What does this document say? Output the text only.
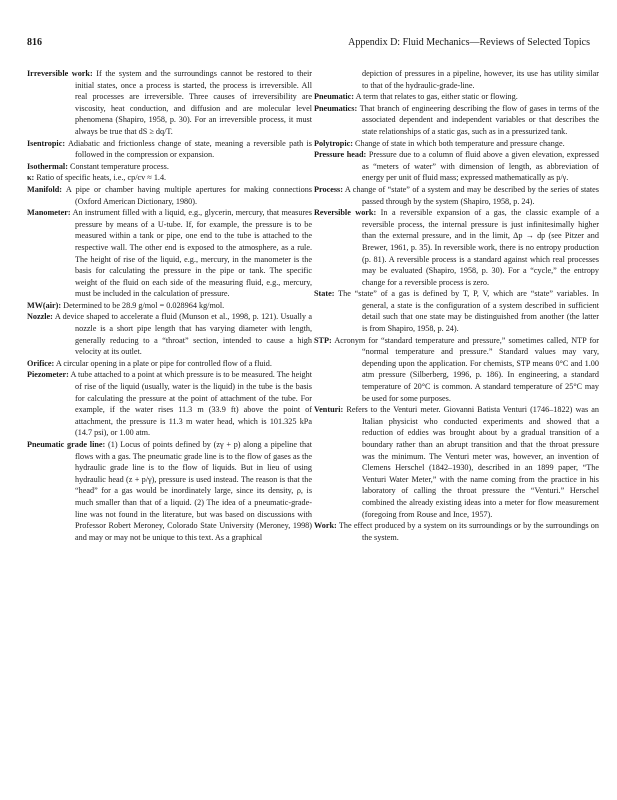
816	Appendix D: Fluid Mechanics—Reviews of Selected Topics

Irreversible work: If the system and the surroundings cannot be restored to their initial states, once a process is started, the process is irreversible. All real processes are irreversible. Three causes of irreversibility are viscosity, heat conduction, and diffusion and are molecular level phenomena (Shapiro, 1958, p. 30). For an irreversible process, it must always be true that dS ≥ dq/T.

Isentropic: Adiabatic and frictionless change of state, meaning a reversible path is followed in the compression or expansion.

Isothermal: Constant temperature process.

κ: Ratio of specific heats, i.e., cp/cv ≈ 1.4.

Manifold: A pipe or chamber having multiple apertures for making connections (Oxford American Dictionary, 1980).

Manometer: An instrument filled with a liquid, e.g., glycerin, mercury, that measures pressure by means of a U-tube. If, for example, the pressure is to be measured within a tank or pipe, one end to the tube is attached to the respective wall. The other end is exposed to the atmosphere, as a rule. The height of rise of the liquid, e.g., mercury, in the manometer is the basis for calculating the pressure in the pipe or tank. The specific weight of the fluid on each side of the measuring fluid, e.g., mercury, must be included in the calculation of pressure.

MW(air): Determined to be 28.9 g/mol = 0.028964 kg/mol.

Nozzle: A device shaped to accelerate a fluid (Munson et al., 1998, p. 121). Usually a nozzle is a short pipe length that has varying diameter with length, generally reducing to a “throat” section, intended to cause a high velocity at its outlet.

Orifice: A circular opening in a plate or pipe for controlled flow of a fluid.

Piezometer: A tube attached to a point at which pressure is to be measured. The height of rise of the liquid (usually, water is the liquid) in the tube is the basis for calculating the pressure at the point of attachment of the tube. For example, if the water rises 11.3 m (33.9 ft) above the point of attachment, the pressure is 11.3 m water head, which is 101.325 kPa (14.7 psi), or 1.00 atm.

Pneumatic grade line: (1) Locus of points defined by (zγ + p) along a pipeline that flows with a gas. The pneumatic grade line is to the flow of gases as the hydraulic grade line is to the flow of liquids. But in lieu of using hydraulic head (z + p/γ), pressure is used instead. The reason is that the “head” for a gas would be inordinately large, since its density, ρ, is much smaller than that of a liquid. (2) The idea of a pneumatic-grade-line was not found in the literature, but was based on discussions with Professor Robert Meroney, Colorado State University (Meroney, 1998) and may or may not be unique to this text. As a graphical

depiction of pressures in a pipeline, however, its use has utility similar to that of the hydraulic-grade-line.

Pneumatic: A term that relates to gas, either static or flowing.

Pneumatics: That branch of engineering describing the flow of gases in terms of the associated dependent and independent variables or that describes the state relationships of a static gas, such as in a pressurized tank.

Polytropic: Change of state in which both temperature and pressure change.

Pressure head: Pressure due to a column of fluid above a given elevation, expressed as “meters of water” with dimension of length, as abbreviation of energy per unit of fluid mass; expressed mathematically as p/γ.

Process: A change of “state” of a system and may be described by the series of states passed through by the system (Shapiro, 1958, p. 24).

Reversible work: In a reversible expansion of a gas, the classic example of a reversible process, the internal pressure is just infinitesimally higher than the external pressure, and in the limit, Δp → dp (see Pitzer and Brewer, 1961, p. 35). In reversible work, there is no entropy production (p. 81). A reversible process is a standard against which real processes may be evaluated (Shapiro, 1958, p. 30). For a “cycle,” the entropy change for a reversible process is zero.

State: The “state” of a gas is defined by T, P, V, which are “state” variables. In general, a state is the configuration of a system described in sufficient detail such that one state may be distinguished from another (the latter is from Shapiro, 1958, p. 24).

STP: Acronym for “standard temperature and pressure,” sometimes called, NTP for “normal temperature and pressure.” Standard values may vary, depending upon the application. For chemists, STP means 0°C and 1.00 atm pressure (Silberberg, 1996, p. 186). In engineering, a standard temperature of 20°C is common. A standard temperature of 25°C may be used for some purposes.

Venturi: Refers to the Venturi meter. Giovanni Batista Venturi (1746–1822) was an Italian physicist who conducted experiments and showed that a reduction of eddies was brought about by a gradual transition of a boundary rather than an abrupt transition and that the throat pressure was the minimum. The Venturi meter was, however, an invention of Clemens Herschel (1842–1930), described in an 1899 paper, “The Venturi Water Meter,” with the name coming from the practice in his laboratory of calling the throat pressure the “Venturi.” Herschel combined the already existing ideas into a meter for flow measurement (foregoing from Rouse and Ince, 1957).

Work: The effect produced by a system on its surroundings or by the surroundings on the system.
